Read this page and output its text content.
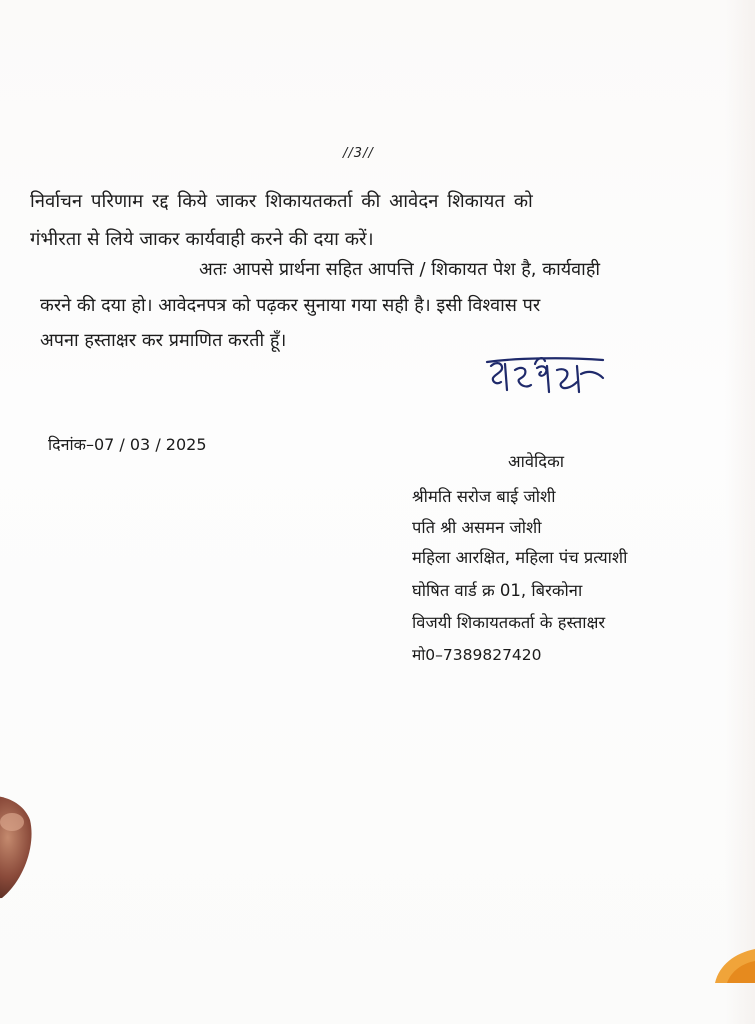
//3//
निर्वाचन परिणाम रद्द किये जाकर शिकायतकर्ता की आवेदन शिकायत को
गंभीरता से लिये जाकर कार्यवाही करने की दया करें।
अतः आपसे प्रार्थना सहित आपत्ति / शिकायत पेश है, कार्यवाही
करने की दया हो। आवेदनपत्र को पढ़कर सुनाया गया सही है। इसी विश्वास पर
अपना हस्ताक्षर कर प्रमाणित करती हूँ।
दिनांक–07 / 03 / 2025
आवेदिका
श्रीमति सरोज बाई जोशी
पति श्री असमन जोशी
महिला आरक्षित, महिला पंच प्रत्याशी
घोषित वार्ड क्र 01, बिरकोना
विजयी शिकायतकर्ता के हस्ताक्षर
मो0–7389827420
